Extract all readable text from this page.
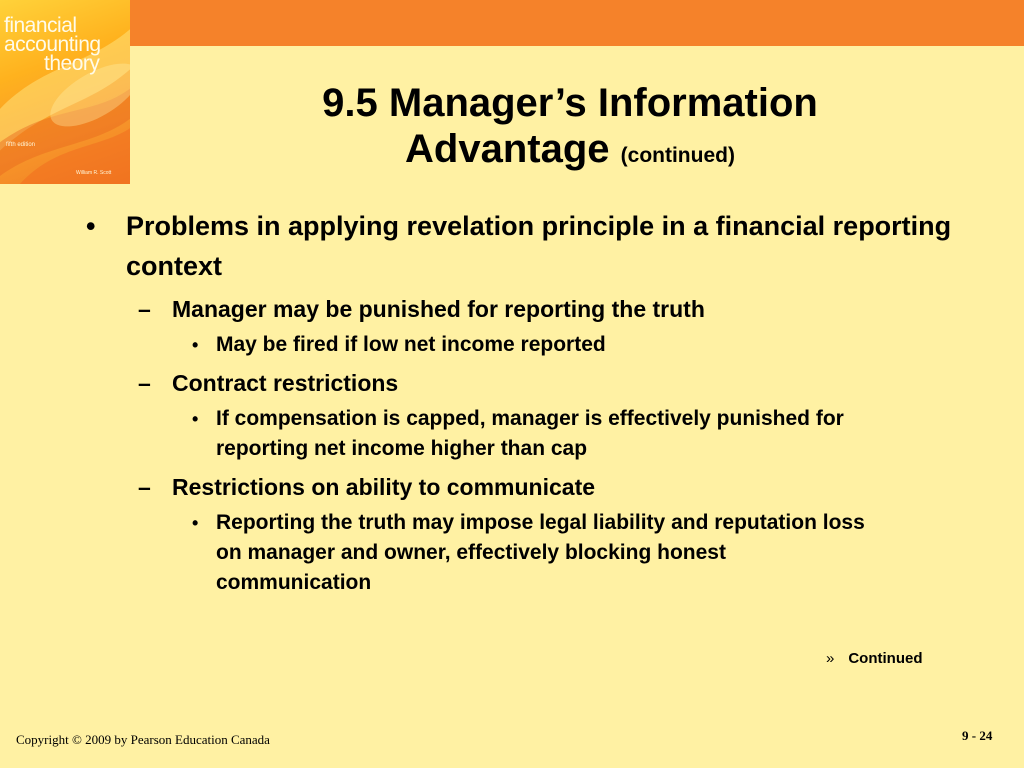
financial
accounting
theory
fifth edition
William R. Scott
9.5 Manager’s Information
Advantage (continued)
• Problems in applying revelation principle in a financial reporting context
– Manager may be punished for reporting the truth
• May be fired if low net income reported
– Contract restrictions
• If compensation is capped, manager is effectively punished for reporting net income higher than cap
– Restrictions on ability to communicate
• Reporting the truth may impose legal liability and reputation loss on manager and owner, effectively blocking honest communication
» Continued
Copyright © 2009 by Pearson Education Canada	9 - 24
